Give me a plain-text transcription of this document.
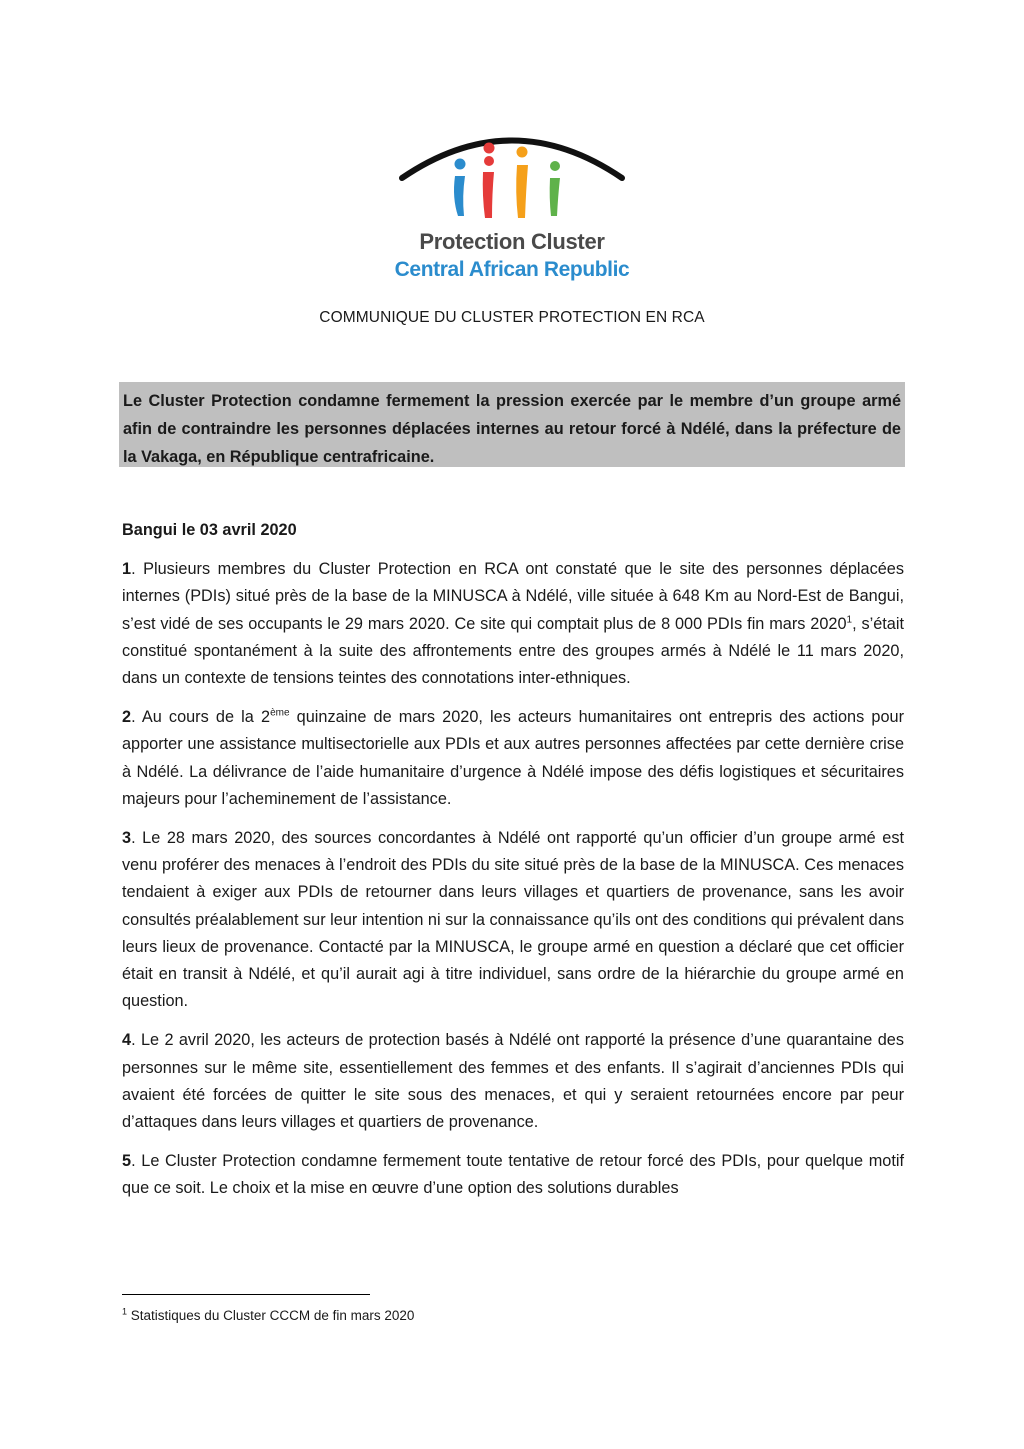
Protection Cluster
Central African Republic
COMMUNIQUE DU CLUSTER PROTECTION EN RCA
Le Cluster Protection condamne fermement la pression exercée par le membre d’un groupe armé afin de contraindre les personnes déplacées internes au retour forcé à Ndélé, dans la préfecture de la Vakaga, en République centrafricaine.

Bangui le 03 avril 2020

1. Plusieurs membres du Cluster Protection en RCA ont constaté que le site des personnes déplacées internes (PDIs) situé près de la base de la MINUSCA à Ndélé, ville située à 648 Km au Nord-Est de Bangui, s’est vidé de ses occupants le 29 mars 2020. Ce site qui comptait plus de 8 000 PDIs fin mars 2020$^1$, s’était constitué spontanément à la suite des affrontements entre des groupes armés à Ndélé le 11 mars 2020, dans un contexte de tensions teintes des connotations inter-ethniques.

2. Au cours de la 2ème quinzaine de mars 2020, les acteurs humanitaires ont entrepris des actions pour apporter une assistance multisectorielle aux PDIs et aux autres personnes affectées par cette dernière crise à Ndélé. La délivrance de l’aide humanitaire d’urgence à Ndélé impose des défis logistiques et sécuritaires majeurs pour l’acheminement de l’assistance.

3. Le 28 mars 2020, des sources concordantes à Ndélé ont rapporté qu’un officier d’un groupe armé est venu proférer des menaces à l’endroit des PDIs du site situé près de la base de la MINUSCA. Ces menaces tendaient à exiger aux PDIs de retourner dans leurs villages et quartiers de provenance, sans les avoir consultés préalablement sur leur intention ni sur la connaissance qu’ils ont des conditions qui prévalent dans leurs lieux de provenance. Contacté par la MINUSCA, le groupe armé en question a déclaré que cet officier était en transit à Ndélé, et qu’il aurait agi à titre individuel, sans ordre de la hiérarchie du groupe armé en question.

4. Le 2 avril 2020, les acteurs de protection basés à Ndélé ont rapporté la présence d’une quarantaine des personnes sur le même site, essentiellement des femmes et des enfants. Il s’agirait d’anciennes PDIs qui avaient été forcées de quitter le site sous des menaces, et qui y seraient retournées encore par peur d’attaques dans leurs villages et quartiers de provenance.

5. Le Cluster Protection condamne fermement toute tentative de retour forcé des PDIs, pour quelque motif que ce soit. Le choix et la mise en œuvre d’une option des solutions durables

$^1$ Statistiques du Cluster CCCM de fin mars 2020
